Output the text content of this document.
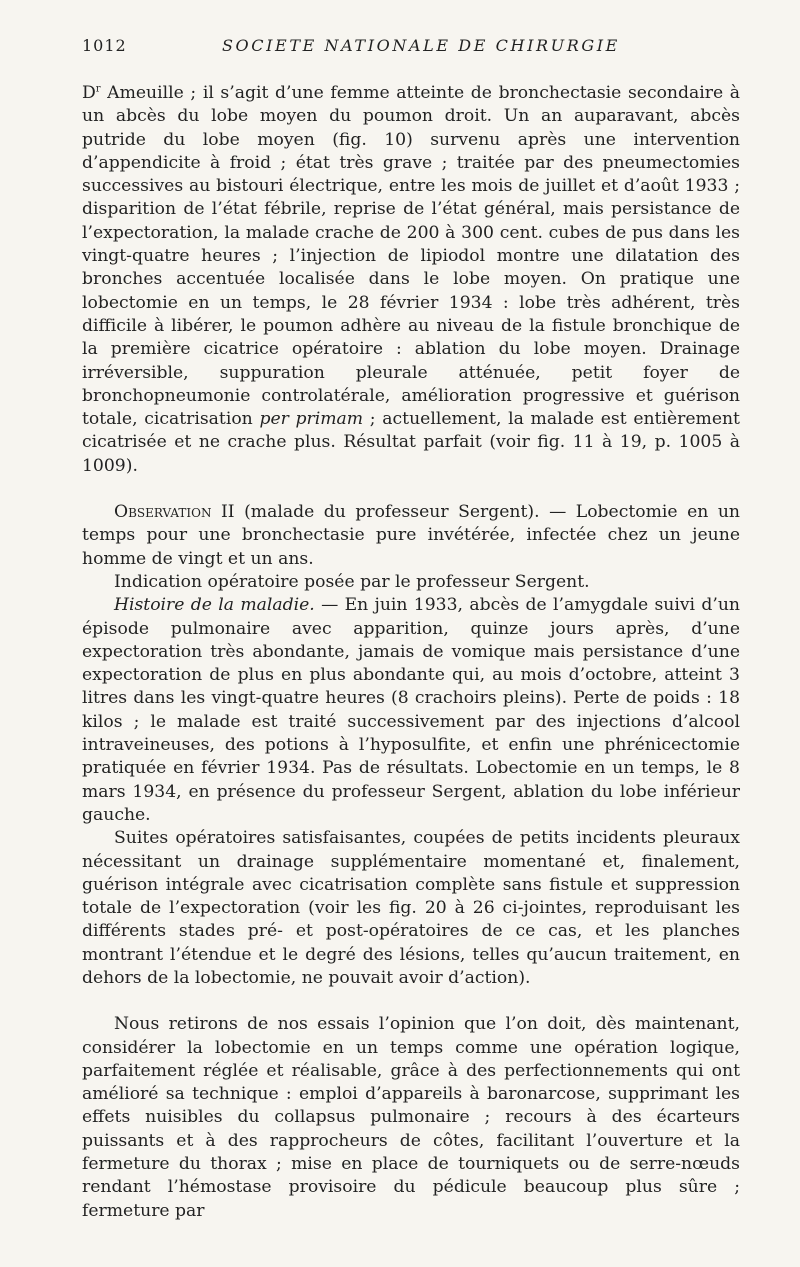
1012	SOCIETE NATIONALE DE CHIRURGIE

$D^r$ Ameuille ; il s’agit d’une femme atteinte de bronchectasie secondaire à un abcès du lobe moyen du poumon droit. Un an auparavant, abcès putride du lobe moyen (fig. 10) survenu après une intervention d’appendicite à froid ; état très grave ; traitée par des pneumectomies successives au bistouri électrique, entre les mois de juillet et d’août 1933 ; disparition de l’état fébrile, reprise de l’état général, mais persistance de l’expectoration, la malade crache de 200 à 300 cent. cubes de pus dans les vingt-quatre heures ; l’injection de lipiodol montre une dilatation des bronches accentuée localisée dans le lobe moyen. On pratique une lobectomie en un temps, le 28 février 1934 : lobe très adhérent, très difficile à libérer, le poumon adhère au niveau de la fistule bronchique de la première cicatrice opératoire : ablation du lobe moyen. Drainage irréversible, suppuration pleurale atténuée, petit foyer de bronchopneumonie controlatérale, amélioration progressive et guérison totale, cicatrisation per primam ; actuellement, la malade est entièrement cicatrisée et ne crache plus. Résultat parfait (voir fig. 11 à 19, p. 1005 à 1009).

Observation II (malade du professeur Sergent). — Lobectomie en un temps pour une bronchectasie pure invétérée, infectée chez un jeune homme de vingt et un ans.

Indication opératoire posée par le professeur Sergent.

Histoire de la maladie. — En juin 1933, abcès de l’amygdale suivi d’un épisode pulmonaire avec apparition, quinze jours après, d’une expectoration très abondante, jamais de vomique mais persistance d’une expectoration de plus en plus abondante qui, au mois d’octobre, atteint 3 litres dans les vingt-quatre heures (8 crachoirs pleins). Perte de poids : 18 kilos ; le malade est traité successivement par des injections d’alcool intraveineuses, des potions à l’hyposulfite, et enfin une phrénicectomie pratiquée en février 1934. Pas de résultats. Lobectomie en un temps, le 8 mars 1934, en présence du professeur Sergent, ablation du lobe inférieur gauche.

Suites opératoires satisfaisantes, coupées de petits incidents pleuraux nécessitant un drainage supplémentaire momentané et, finalement, guérison intégrale avec cicatrisation complète sans fistule et suppression totale de l’expectoration (voir les fig. 20 à 26 ci-jointes, reproduisant les différents stades pré- et post-opératoires de ce cas, et les planches montrant l’étendue et le degré des lésions, telles qu’aucun traitement, en dehors de la lobectomie, ne pouvait avoir d’action).

Nous retirons de nos essais l’opinion que l’on doit, dès maintenant, considérer la lobectomie en un temps comme une opération logique, parfaitement réglée et réalisable, grâce à des perfectionnements qui ont amélioré sa technique : emploi d’appareils à baronarcose, supprimant les effets nuisibles du collapsus pulmonaire ; recours à des écarteurs puissants et à des rapprocheurs de côtes, facilitant l’ouverture et la fermeture du thorax ; mise en place de tourniquets ou de serre-nœuds rendant l’hémostase provisoire du pédicule beaucoup plus sûre ; fermeture par
